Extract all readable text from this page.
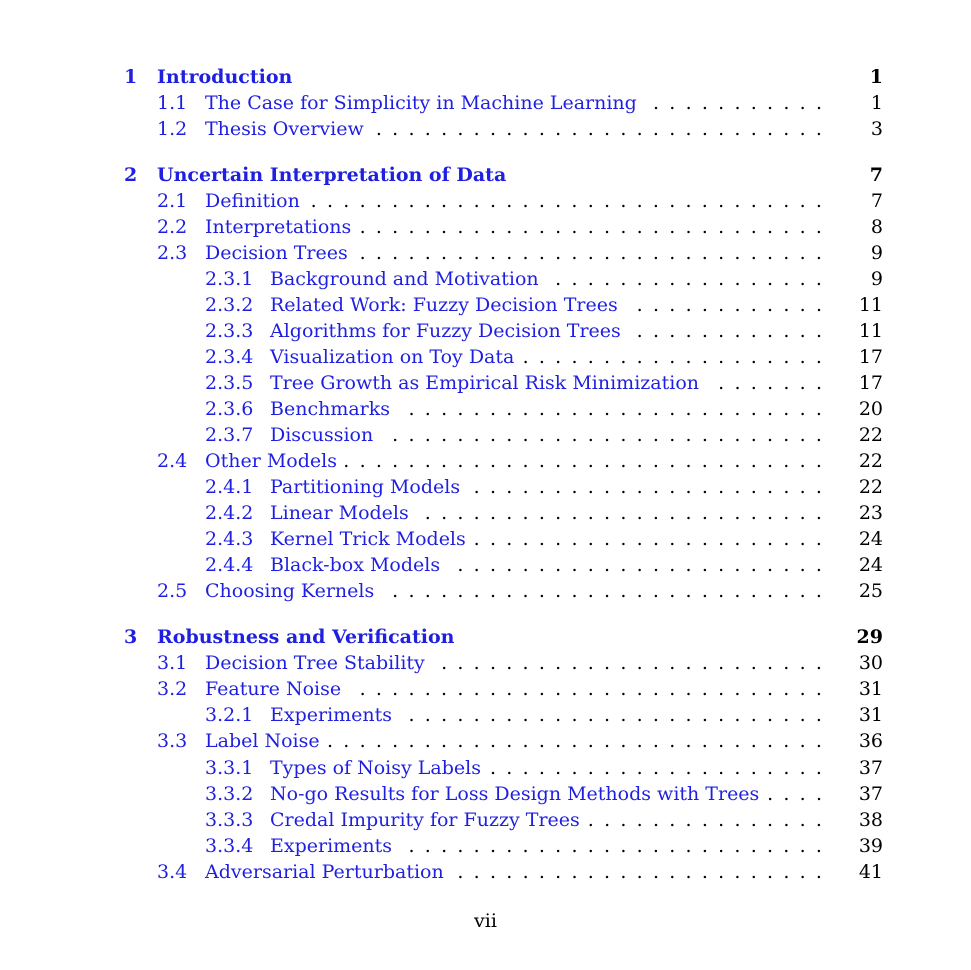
1 Introduction	1
1.1 The Case for Simplicity in Machine Learning	1
. . . . . . . . . . .
1.2 Thesis Overview	3
. . . . . . . . . . . . . . . . . . . . . . . . . . . .
2 Uncertain Interpretation of Data	7
2.1 Definition	7
. . . . . . . . . . . . . . . . . . . . . . . . . . . . . . . .
2.2 Interpretations	8
. . . . . . . . . . . . . . . . . . . . . . . . . . . . .
2.3 Decision Trees	9
. . . . . . . . . . . . . . . . . . . . . . . . . . . . .
2.3.1 Background and Motivation	9
. . . . . . . . . . . . . . . . .
2.3.2 Related Work: Fuzzy Decision Trees	11
. . . . . . . . . . . .
2.3.3 Algorithms for Fuzzy Decision Trees	11
. . . . . . . . . . . .
2.3.4 Visualization on Toy Data	17
. . . . . . . . . . . . . . . . . . .
2.3.5 Tree Growth as Empirical Risk Minimization	17
. . . . . . .
2.3.6 Benchmarks	20
. . . . . . . . . . . . . . . . . . . . . . . . . .
2.3.7 Discussion	22
. . . . . . . . . . . . . . . . . . . . . . . . . . .
2.4 Other Models	22
. . . . . . . . . . . . . . . . . . . . . . . . . . . . . .
2.4.1 Partitioning Models	22
. . . . . . . . . . . . . . . . . . . . . .
2.4.2 Linear Models	23
. . . . . . . . . . . . . . . . . . . . . . . . .
2.4.3 Kernel Trick Models	24
. . . . . . . . . . . . . . . . . . . . . .
2.4.4 Black-box Models	24
. . . . . . . . . . . . . . . . . . . . . . .
2.5 Choosing Kernels	25
. . . . . . . . . . . . . . . . . . . . . . . . . . .
3 Robustness and Verification	29
3.1 Decision Tree Stability	30
. . . . . . . . . . . . . . . . . . . . . . . .
3.2 Feature Noise	31
. . . . . . . . . . . . . . . . . . . . . . . . . . . . .
3.2.1 Experiments	31
. . . . . . . . . . . . . . . . . . . . . . . . . .
3.3 Label Noise	36
. . . . . . . . . . . . . . . . . . . . . . . . . . . . . . .
3.3.1 Types of Noisy Labels	37
. . . . . . . . . . . . . . . . . . . . .
3.3.2 No-go Results for Loss Design Methods with Trees	37
. . . .
3.3.3 Credal Impurity for Fuzzy Trees	38
. . . . . . . . . . . . . . .
3.3.4 Experiments	39
. . . . . . . . . . . . . . . . . . . . . . . . . .
3.4 Adversarial Perturbation	41
. . . . . . . . . . . . . . . . . . . . . . .
vii
